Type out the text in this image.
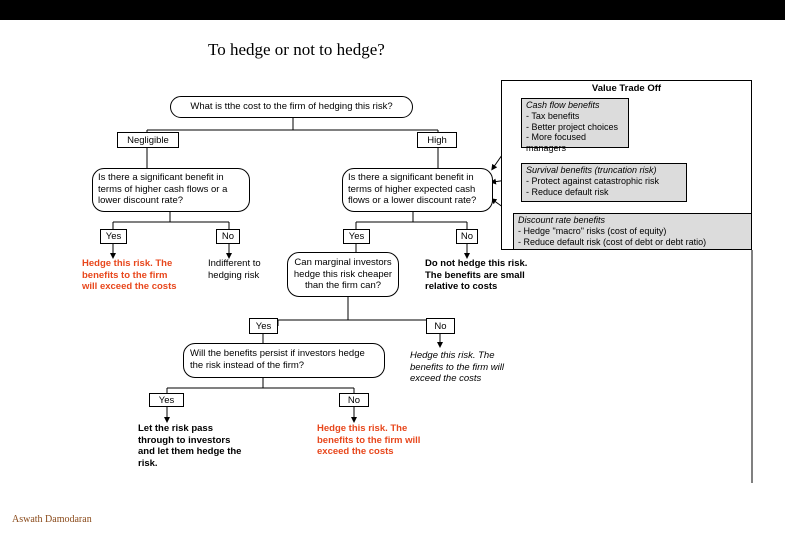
To hedge or not to hedge?
What is tthe cost to the firm of hedging this risk?
Negligible	High
Is there a significant benefit in terms of higher cash flows or a lower discount rate?
Is there a significant benefit in terms of higher expected cash flows or a lower discount rate?
Yes	No
Hedge this risk. The benefits to the firm will exceed the costs
Indifferent to hedging risk
Yes	No
Do not hedge this risk. The benefits are small relative to costs
Can marginal investors hedge this risk cheaper than the firm can?
Yes	No
Hedge this risk. The benefits to the firm will exceed the costs
Will the benefits persist if investors hedge the risk instead of the firm?
Yes	No
Let the risk pass through to investors and let them hedge the risk.
Hedge this risk. The benefits to the firm will exceed the costs
Value Trade Off
Cash flow benefits
- Tax benefits
- Better project choices
- More focused managers
Survival benefits (truncation risk)
- Protect against catastrophic risk
- Reduce default risk
Discount rate benefits
- Hedge "macro" risks (cost of equity)
- Reduce default risk (cost of debt or debt ratio)
Aswath Damodaran
